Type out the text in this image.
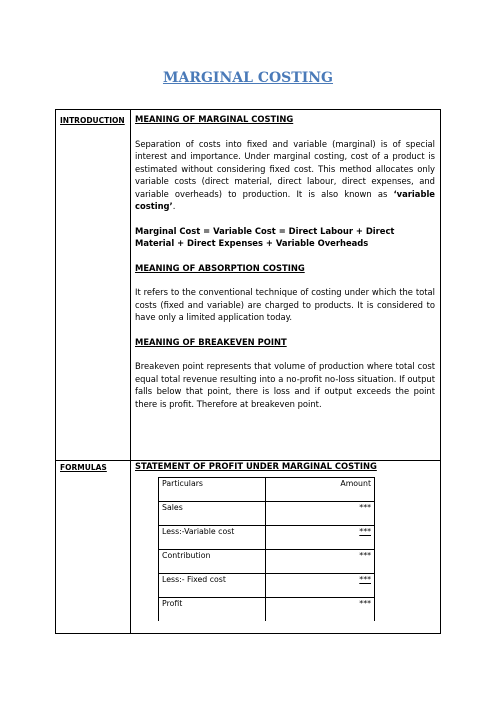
MARGINAL COSTING
INTRODUCTION MEANING OF MARGINAL COSTING

Separation of costs into fixed and variable (marginal) is of special interest and importance. Under marginal costing, cost of a product is estimated without considering fixed cost. This method allocates only variable costs (direct material, direct labour, direct expenses, and variable overheads) to production. It is also known as ‘variable costing’.

Marginal Cost = Variable Cost = Direct Labour + Direct Material + Direct Expenses + Variable Overheads

MEANING OF ABSORPTION COSTING

It refers to the conventional technique of costing under which the total costs (fixed and variable) are charged to products. It is considered to have only a limited application today.

MEANING OF BREAKEVEN POINT

Breakeven point represents that volume of production where total cost equal total revenue resulting into a no-profit no-loss situation. If output falls below that point, there is loss and if output exceeds the point there is profit. Therefore at breakeven point.

FORMULAS	STATEMENT OF PROFIT UNDER MARGINAL COSTING
Particulars	Amount
Sales	***
Less:-Variable cost	***
Contribution	***
Less:- Fixed cost	***
Profit	***
